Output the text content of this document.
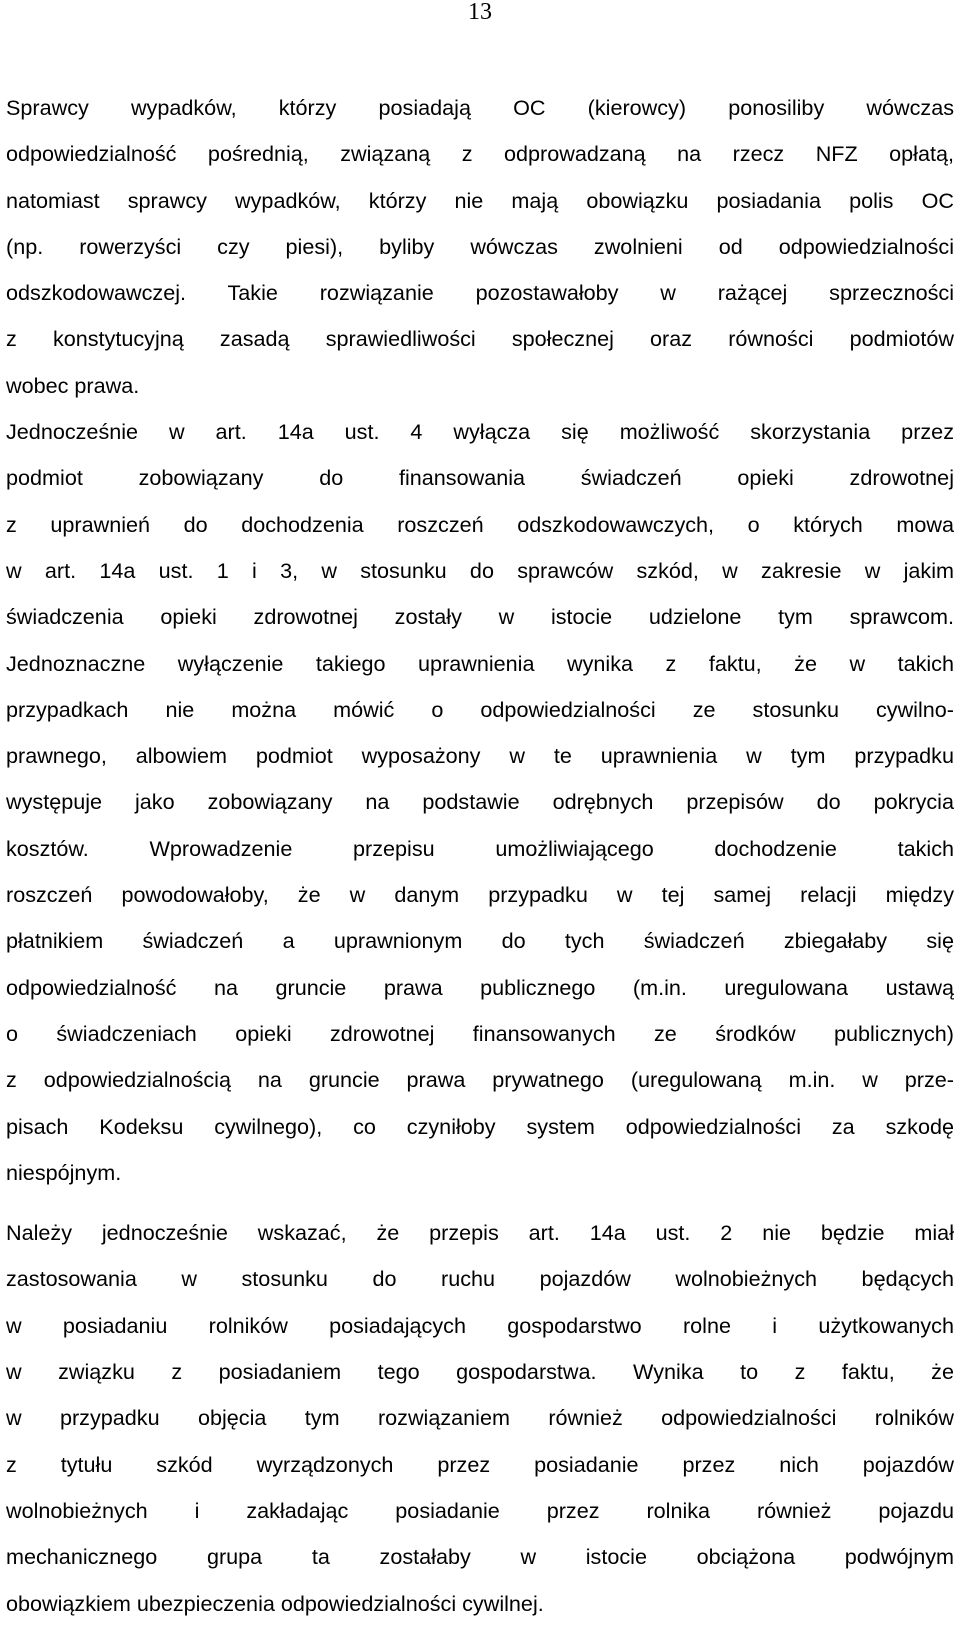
13
Sprawcy wypadków, którzy posiadają OC (kierowcy) ponosiliby wówczas
odpowiedzialność pośrednią, związaną z odprowadzaną na rzecz NFZ opłatą,
natomiast sprawcy wypadków, którzy nie mają obowiązku posiadania polis OC
(np. rowerzyści czy piesi), byliby wówczas zwolnieni od odpowiedzialności
odszkodowawczej. Takie rozwiązanie pozostawałoby w rażącej sprzeczności
z konstytucyjną zasadą sprawiedliwości społecznej oraz równości podmiotów
wobec prawa.
Jednocześnie w art. 14a ust. 4 wyłącza się możliwość skorzystania przez
podmiot zobowiązany do finansowania świadczeń opieki zdrowotnej
z uprawnień do dochodzenia roszczeń odszkodowawczych, o których mowa
w art. 14a ust. 1 i 3, w stosunku do sprawców szkód, w zakresie w jakim
świadczenia opieki zdrowotnej zostały w istocie udzielone tym sprawcom.
Jednoznaczne wyłączenie takiego uprawnienia wynika z faktu, że w takich
przypadkach nie można mówić o odpowiedzialności ze stosunku cywilno-
prawnego, albowiem podmiot wyposażony w te uprawnienia w tym przypadku
występuje jako zobowiązany na podstawie odrębnych przepisów do pokrycia
kosztów. Wprowadzenie przepisu umożliwiającego dochodzenie takich
roszczeń powodowałoby, że w danym przypadku w tej samej relacji między
płatnikiem świadczeń a uprawnionym do tych świadczeń zbiegałaby się
odpowiedzialność na gruncie prawa publicznego (m.in. uregulowana ustawą
o świadczeniach opieki zdrowotnej finansowanych ze środków publicznych)
z odpowiedzialnością na gruncie prawa prywatnego (uregulowaną m.in. w prze-
pisach Kodeksu cywilnego), co czyniłoby system odpowiedzialności za szkodę
niespójnym.
Należy jednocześnie wskazać, że przepis art. 14a ust. 2 nie będzie miał
zastosowania w stosunku do ruchu pojazdów wolnobieżnych będących
w posiadaniu rolników posiadających gospodarstwo rolne i użytkowanych
w związku z posiadaniem tego gospodarstwa. Wynika to z faktu, że
w przypadku objęcia tym rozwiązaniem również odpowiedzialności rolników
z tytułu szkód wyrządzonych przez posiadanie przez nich pojazdów
wolnobieżnych i zakładając posiadanie przez rolnika również pojazdu
mechanicznego grupa ta zostałaby w istocie obciążona podwójnym
obowiązkiem ubezpieczenia odpowiedzialności cywilnej.
